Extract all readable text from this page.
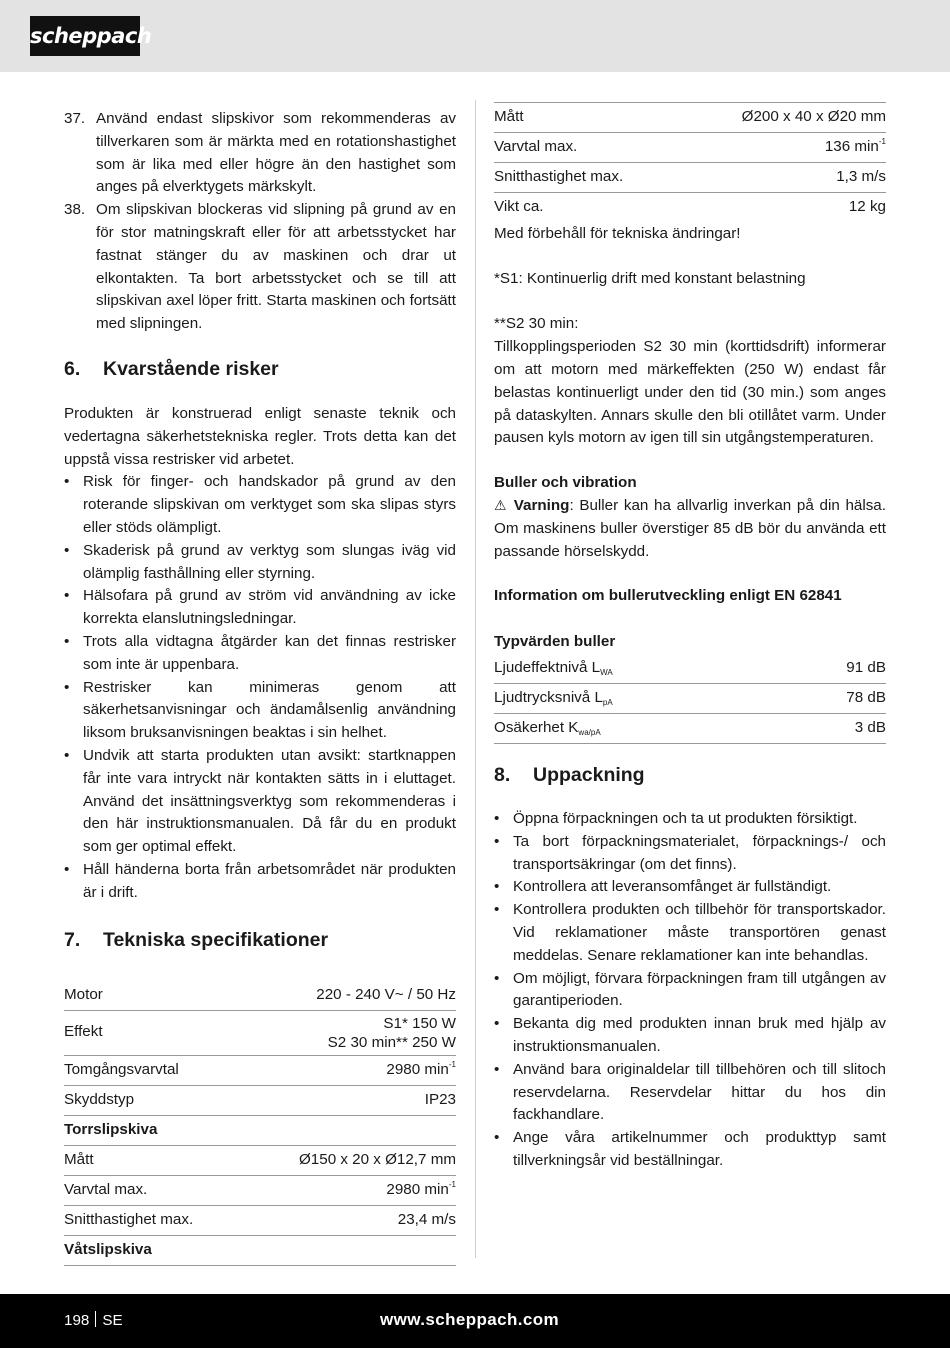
scheppach
37. Använd endast slipskivor som rekommenderas av tillverkaren som är märkta med en rotationshastighet som är lika med eller högre än den hastighet som anges på elverktygets märkskylt.
38. Om slipskivan blockeras vid slipning på grund av en för stor matningskraft eller för att arbetsstycket har fastnat stänger du av maskinen och drar ut elkontakten. Ta bort arbetsstycket och se till att slipskivan axel löper fritt. Starta maskinen och fortsätt med slipningen.
6.	Kvarstående risker

Produkten är konstruerad enligt senaste teknik och vedertagna säkerhetstekniska regler. Trots detta kan det uppstå vissa restrisker vid arbetet.

• Risk för finger- och handskador på grund av den roterande slipskivan om verktyget som ska slipas styrs eller stöds olämpligt.
• Skaderisk på grund av verktyg som slungas iväg vid olämplig fasthållning eller styrning.
• Hälsofara på grund av ström vid användning av icke korrekta elanslutningsledningar.
• Trots alla vidtagna åtgärder kan det finnas restrisker som inte är uppenbara.
• Restrisker kan minimeras genom att säkerhetsanvisningar och ändamålsenlig användning liksom bruksanvisningen beaktas i sin helhet.
• Undvik att starta produkten utan avsikt: startknappen får inte vara intryckt när kontakten sätts in i eluttaget. Använd det insättningsverktyg som rekommenderas i den här instruktionsmanualen. Då får du en produkt som ger optimal effekt.
• Håll händerna borta från arbetsområdet när produkten är i drift.
7.	Tekniska specifikationer
Motor	220 - 240 V~ / 50 Hz
Effekt
S1* 150 W
S2 30 min** 250 W
Tomgångsvarvtal	2980 $\min^{-1}$
Skyddstyp	IP23
Torrslipskiva
Mått	Ø150 x 20 x Ø12,7 mm
Varvtal max.	2980 $\min^{-1}$
Snitthastighet max.	23,4 m/s
Våtslipskiva
Mått	Ø200 x 40 x Ø20 mm
Varvtal max.	136 $\min^{-1}$
Snitthastighet max.	1,3 m/s
Vikt ca.	12 kg

Med förbehåll för tekniska ändringar!

*S1: Kontinuerlig drift med konstant belastning

**S2 30 min:

Tillkopplingsperioden S2 30 min (korttidsdrift) informerar om att motorn med märkeffekten (250 W) endast får belastas kontinuerligt under den tid (30 min.) som anges på dataskylten. Annars skulle den bli otillåtet varm. Under pausen kyls motorn av igen till sin utgångstemperaturen.

Buller och vibration

⚠ Varning: Buller kan ha allvarlig inverkan på din hälsa. Om maskinens buller överstiger 85 dB bör du använda ett passande hörselskydd.

Information om bullerutveckling enligt EN 62841

Typvärden buller

Ljudeffektnivå $L_{WA}$	91 dB
Ljudtrycksnivå $L_{pA}$	78 dB
Osäkerhet $K_{wa/pA}$	3 dB
8.	Uppackning
• Öppna förpackningen och ta ut produkten försiktigt.
• Ta bort förpackningsmaterialet, förpacknings-/ och transportsäkringar (om det finns).
• Kontrollera att leveransomfånget är fullständigt.
• Kontrollera produkten och tillbehör för transportskador. Vid reklamationer måste transportören genast meddelas. Senare reklamationer kan inte behandlas.
• Om möjligt, förvara förpackningen fram till utgången av garantiperioden.
• Bekanta dig med produkten innan bruk med hjälp av instruktionsmanualen.
• Använd bara originaldelar till tillbehören och till slitoch reservdelarna. Reservdelar hittar du hos din fackhandlare.
• Ange våra artikelnummer och produkttyp samt tillverkningsår vid beställningar.
198 SE	www.scheppach.com
